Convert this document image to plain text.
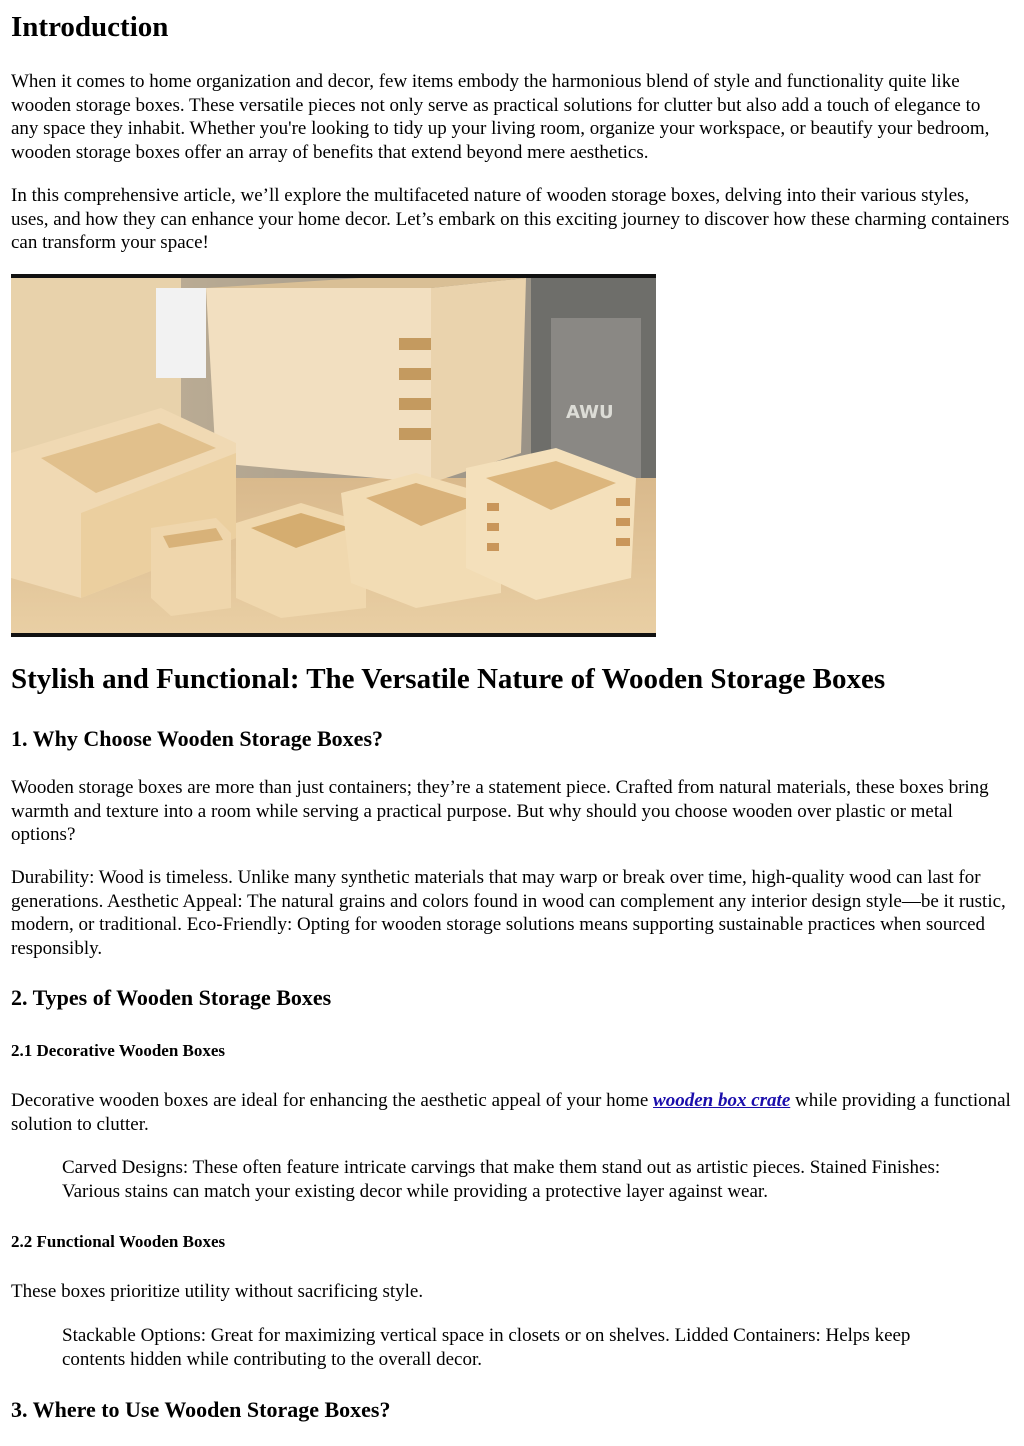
Introduction

When it comes to home organization and decor, few items embody the harmonious blend of style and functionality quite like wooden storage boxes. These versatile pieces not only serve as practical solutions for clutter but also add a touch of elegance to any space they inhabit. Whether you're looking to tidy up your living room, organize your workspace, or beautify your bedroom, wooden storage boxes offer an array of benefits that extend beyond mere aesthetics.

In this comprehensive article, we’ll explore the multifaceted nature of wooden storage boxes, delving into their various styles, uses, and how they can enhance your home decor. Let’s embark on this exciting journey to discover how these charming containers can transform your space!

AWU
Stylish and Functional: The Versatile Nature of Wooden Storage Boxes
1. Why Choose Wooden Storage Boxes?

Wooden storage boxes are more than just containers; they’re a statement piece. Crafted from natural materials, these boxes bring warmth and texture into a room while serving a practical purpose. But why should you choose wooden over plastic or metal options?

Durability: Wood is timeless. Unlike many synthetic materials that may warp or break over time, high-quality wood can last for generations. Aesthetic Appeal: The natural grains and colors found in wood can complement any interior design style—be it rustic, modern, or traditional. Eco-Friendly: Opting for wooden storage solutions means supporting sustainable practices when sourced responsibly.

2. Types of Wooden Storage Boxes
2.1 Decorative Wooden Boxes

Decorative wooden boxes are ideal for enhancing the aesthetic appeal of your home wooden box crate while providing a functional solution to clutter.

Carved Designs: These often feature intricate carvings that make them stand out as artistic pieces. Stained Finishes: Various stains can match your existing decor while providing a protective layer against wear.
2.2 Functional Wooden Boxes

These boxes prioritize utility without sacrificing style.

Stackable Options: Great for maximizing vertical space in closets or on shelves. Lidded Containers: Helps keep contents hidden while contributing to the overall decor.
3. Where to Use Wooden Storage Boxes?
